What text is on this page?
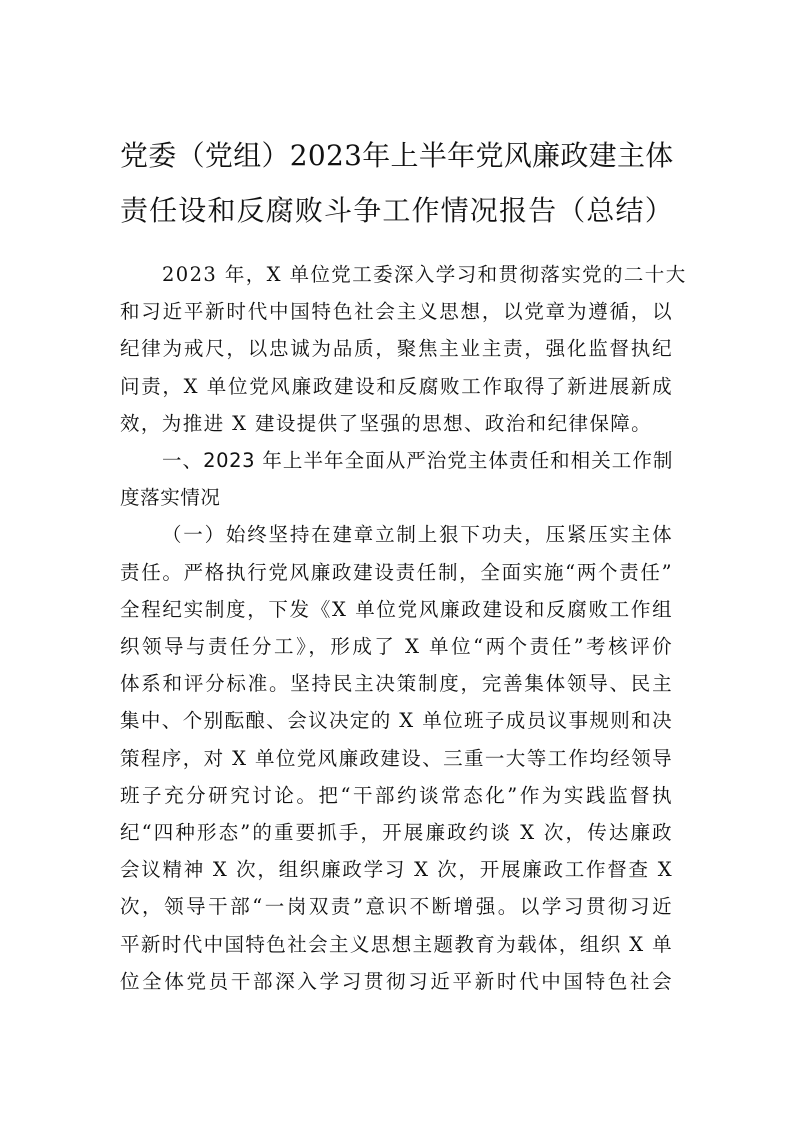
党委（党组）2023年上半年党风廉政建主体
责任设和反腐败斗争工作情况报告（总结）
2023 年，X 单位党工委深入学习和贯彻落实党的二十大
和习近平新时代中国特色社会主义思想，以党章为遵循，以
纪律为戒尺，以忠诚为品质，聚焦主业主责，强化监督执纪
问责，X 单位党风廉政建设和反腐败工作取得了新进展新成
效，为推进 X 建设提供了坚强的思想、政治和纪律保障。
一、2023 年上半年全面从严治党主体责任和相关工作制
度落实情况
（一）始终坚持在建章立制上狠下功夫，压紧压实主体
责任。严格执行党风廉政建设责任制，全面实施“两个责任”
全程纪实制度，下发《X 单位党风廉政建设和反腐败工作组
织领导与责任分工》，形成了 X 单位“两个责任”考核评价
体系和评分标准。坚持民主决策制度，完善集体领导、民主
集中、个别酝酿、会议决定的 X 单位班子成员议事规则和决
策程序，对 X 单位党风廉政建设、三重一大等工作均经领导
班子充分研究讨论。把“干部约谈常态化”作为实践监督执
纪“四种形态”的重要抓手，开展廉政约谈 X 次，传达廉政
会议精神 X 次，组织廉政学习 X 次，开展廉政工作督查 X
次，领导干部“一岗双责”意识不断增强。以学习贯彻习近
平新时代中国特色社会主义思想主题教育为载体，组织 X 单
位全体党员干部深入学习贯彻习近平新时代中国特色社会
